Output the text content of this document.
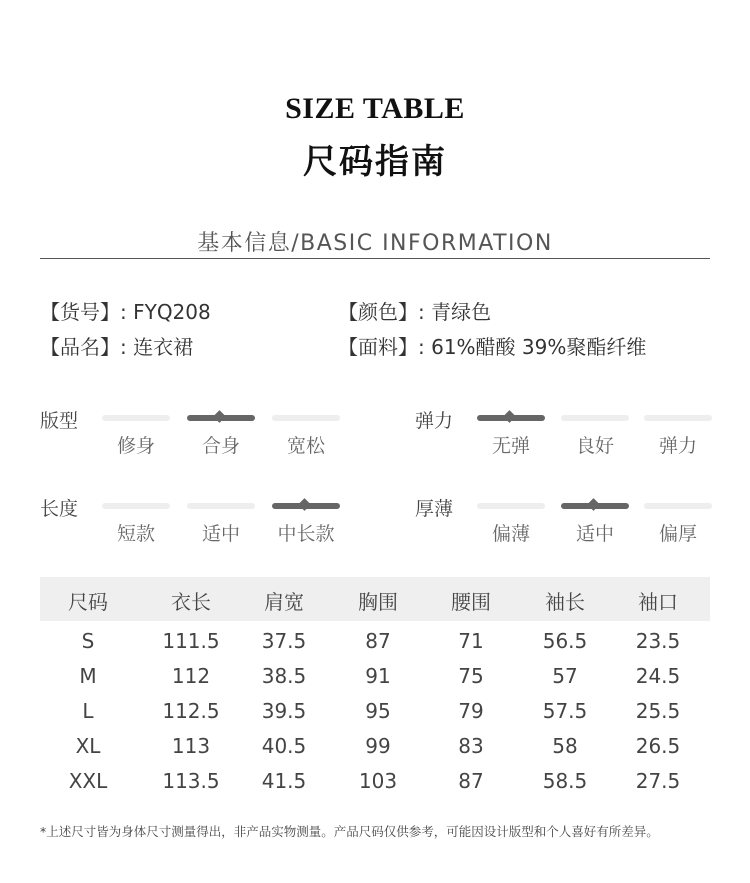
SIZE TABLE
尺码指南
基本信息/BASIC INFORMATION
【货号】: FYQ208	【颜色】: 青绿色
【品名】: 连衣裙	【面料】: 61%醋酸 39%聚酯纤维
版型
修身	合身	宽松
弹力
无弹	良好	弹力
长度
短款	适中	中长款
厚薄
偏薄	适中	偏厚
尺码	衣长	肩宽	胸围	腰围	袖长	袖口
S	111.5	37.5	87	71	56.5	23.5
M	112	38.5	91	75	57	24.5
L	112.5	39.5	95	79	57.5	25.5
XL	113	40.5	99	83	58	26.5
XXL	113.5	41.5	103	87	58.5	27.5
*上述尺寸皆为身体尺寸测量得出，非产品实物测量。产品尺码仅供参考，可能因设计版型和个人喜好有所差异。
